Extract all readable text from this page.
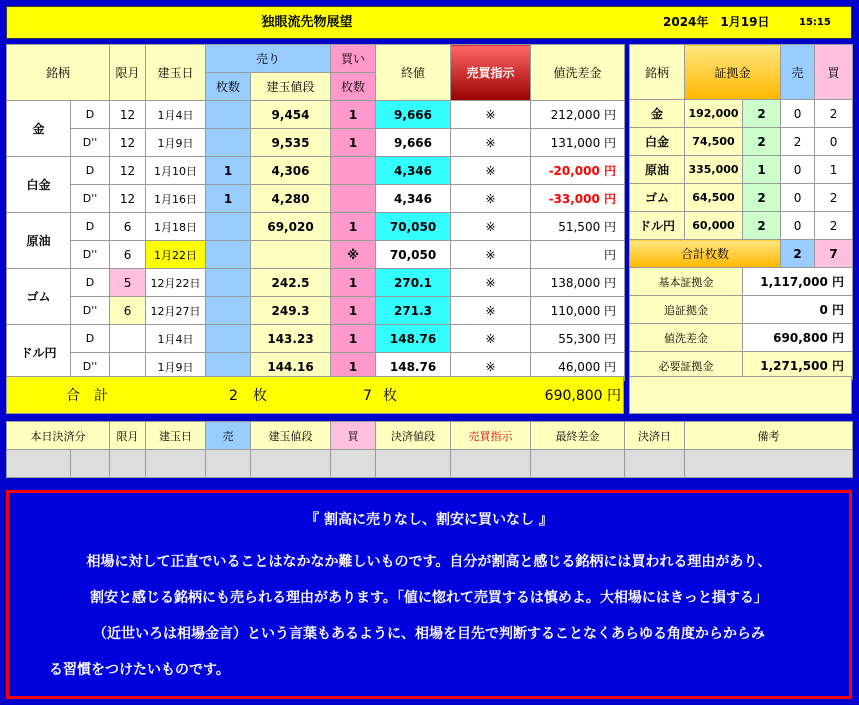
独眼流先物展望	2024年　1月19日	15:15
銘柄		限月	建玉日	売り		買い	終値	売買指示	値洗差金
				枚数	建玉値段	枚数			
金	D	12	1月4日		9,454	1	9,666	※	212,000 円
	D''	12	1月9日		9,535	1	9,666	※	131,000 円
白金	D	12	1月10日	1	4,306		4,346	※	-20,000 円
	D''	12	1月16日	1	4,280		4,346	※	-33,000 円
原油	D	6	1月18日		69,020	1	70,050	※	51,500 円
	D''	6	1月22日			※	70,050	※	円
ゴム	D	5	12月22日		242.5	1	270.1	※	138,000 円
	D''	6	12月27日		249.3	1	271.3	※	110,000 円
ドル円	D		1月4日		143.23	1	148.76	※	55,300 円
	D''		1月9日		144.16	1	148.76	※	46,000 円
合　計	2 枚	7 枚	690,800 円
銘柄	証拠金		売	買
金	192,000	2	0	2
白金	74,500	2	2	0
原油	335,000	1	0	1
ゴム	64,500	2	0	2
ドル円	60,000	2	0	2
合計枚数			2	7
基本証拠金		1,117,000 円		
追証拠金		0 円		
値洗差金		690,800 円		
必要証拠金		1,271,500 円		
本日決済分		限月	建玉日	売	建玉値段	買	決済値段	売買指示	最終差金	決済日	備考

『 割高に売りなし、割安に買いなし 』
相場に対して正直でいることはなかなか難しいものです。自分が割高と感じる銘柄には買われる理由があり、
割安と感じる銘柄にも売られる理由があります。「値に惚れて売買するは慎めよ。大相場にはきっと損する」
（近世いろは相場金言）という言葉もあるように、相場を目先で判断することなくあらゆる角度からからみ
る習慣をつけたいものです。
